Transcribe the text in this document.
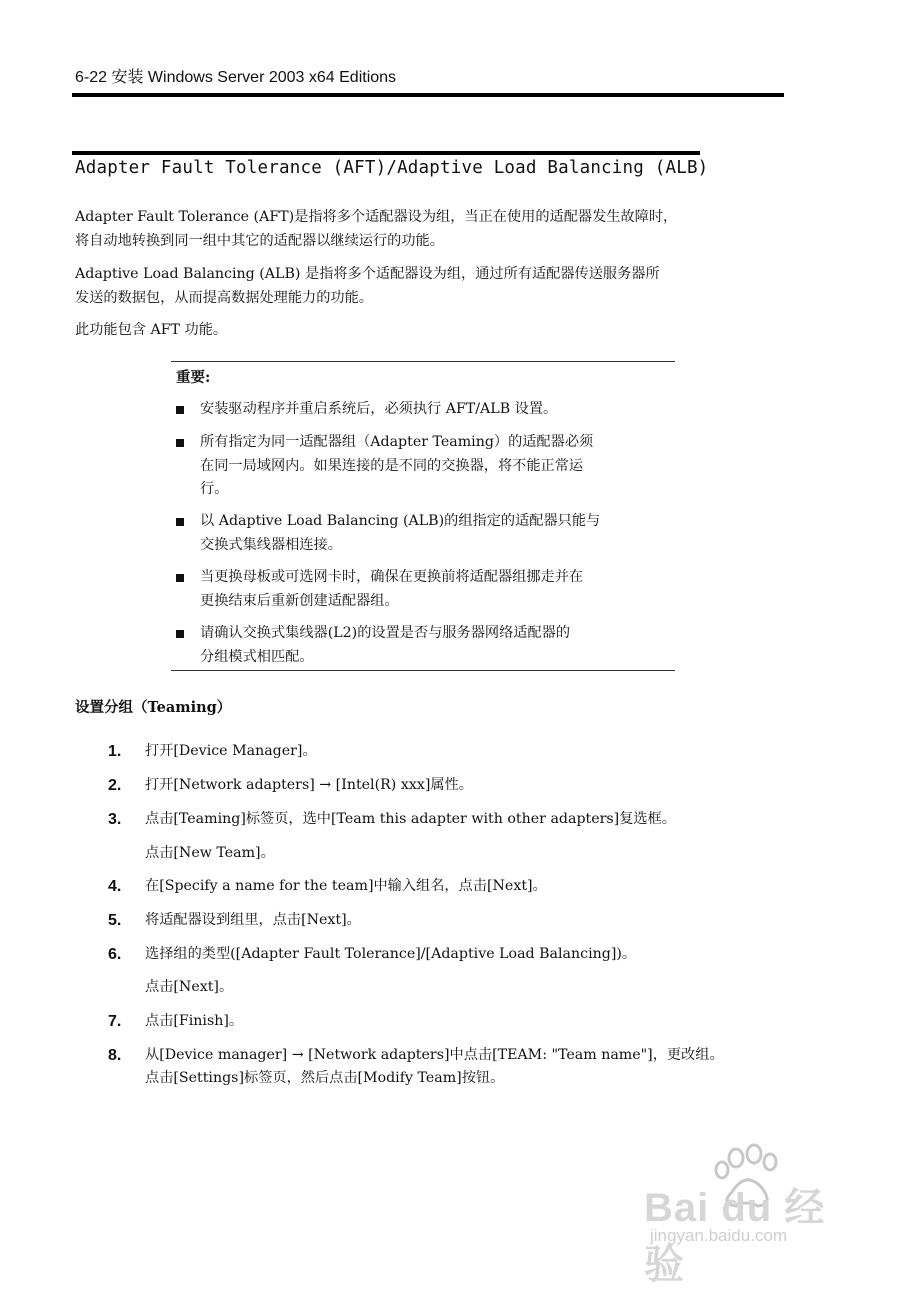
6-22 安装 Windows Server 2003 x64 Editions
Adapter Fault Tolerance (AFT)/Adaptive Load Balancing (ALB)
Adapter Fault Tolerance (AFT)是指将多个适配器设为组，当正在使用的适配器发生故障时，
将自动地转换到同一组中其它的适配器以继续运行的功能。
Adaptive Load Balancing (ALB) 是指将多个适配器设为组，通过所有适配器传送服务器所
发送的数据包，从而提高数据处理能力的功能。
此功能包含 AFT 功能。
重要:
安装驱动程序并重启系统后，必须执行 AFT/ALB 设置。
所有指定为同一适配器组（Adapter Teaming）的适配器必须
在同一局域网内。如果连接的是不同的交换器，将不能正常运
行。
以 Adaptive Load Balancing (ALB)的组指定的适配器只能与
交换式集线器相连接。
当更换母板或可选网卡时，确保在更换前将适配器组挪走并在
更换结束后重新创建适配器组。
请确认交换式集线器(L2)的设置是否与服务器网络适配器的
分组模式相匹配。
设置分组（Teaming）
1.	打开[Device Manager]。
2.	打开[Network adapters] → [Intel(R) xxx]属性。
3.	点击[Teaming]标签页，选中[Team this adapter with other adapters]复选框。
点击[New Team]。
4.	在[Specify a name for the team]中输入组名，点击[Next]。
5.	将适配器设到组里，点击[Next]。
6.	选择组的类型([Adapter Fault Tolerance]/[Adaptive Load Balancing])。
点击[Next]。
7.	点击[Finish]。
8.	从[Device manager] → [Network adapters]中点击[TEAM: "Team name"]，更改组。
点击[Settings]标签页，然后点击[Modify Team]按钮。
Bai du 经验
jingyan.baidu.com
